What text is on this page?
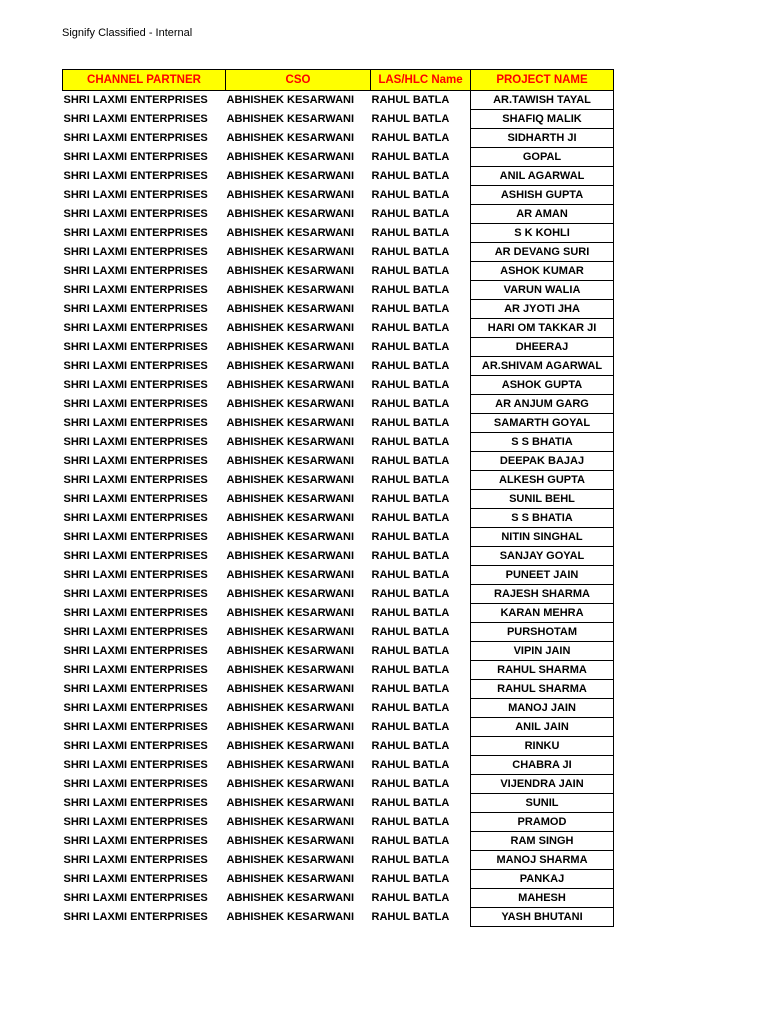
Signify Classified - Internal
CHANNEL PARTNER	CSO	LAS/HLC Name	PROJECT NAME
SHRI LAXMI ENTERPRISES	ABHISHEK KESARWANI	RAHUL BATLA	AR.TAWISH TAYAL
SHRI LAXMI ENTERPRISES	ABHISHEK KESARWANI	RAHUL BATLA	SHAFIQ MALIK
SHRI LAXMI ENTERPRISES	ABHISHEK KESARWANI	RAHUL BATLA	SIDHARTH JI
SHRI LAXMI ENTERPRISES	ABHISHEK KESARWANI	RAHUL BATLA	GOPAL
SHRI LAXMI ENTERPRISES	ABHISHEK KESARWANI	RAHUL BATLA	ANIL AGARWAL
SHRI LAXMI ENTERPRISES	ABHISHEK KESARWANI	RAHUL BATLA	ASHISH GUPTA
SHRI LAXMI ENTERPRISES	ABHISHEK KESARWANI	RAHUL BATLA	AR AMAN
SHRI LAXMI ENTERPRISES	ABHISHEK KESARWANI	RAHUL BATLA	S K KOHLI
SHRI LAXMI ENTERPRISES	ABHISHEK KESARWANI	RAHUL BATLA	AR DEVANG SURI
SHRI LAXMI ENTERPRISES	ABHISHEK KESARWANI	RAHUL BATLA	ASHOK KUMAR
SHRI LAXMI ENTERPRISES	ABHISHEK KESARWANI	RAHUL BATLA	VARUN WALIA
SHRI LAXMI ENTERPRISES	ABHISHEK KESARWANI	RAHUL BATLA	AR JYOTI JHA
SHRI LAXMI ENTERPRISES	ABHISHEK KESARWANI	RAHUL BATLA	HARI OM TAKKAR JI
SHRI LAXMI ENTERPRISES	ABHISHEK KESARWANI	RAHUL BATLA	DHEERAJ
SHRI LAXMI ENTERPRISES	ABHISHEK KESARWANI	RAHUL BATLA	AR.SHIVAM AGARWAL
SHRI LAXMI ENTERPRISES	ABHISHEK KESARWANI	RAHUL BATLA	ASHOK GUPTA
SHRI LAXMI ENTERPRISES	ABHISHEK KESARWANI	RAHUL BATLA	AR ANJUM GARG
SHRI LAXMI ENTERPRISES	ABHISHEK KESARWANI	RAHUL BATLA	SAMARTH GOYAL
SHRI LAXMI ENTERPRISES	ABHISHEK KESARWANI	RAHUL BATLA	S S BHATIA
SHRI LAXMI ENTERPRISES	ABHISHEK KESARWANI	RAHUL BATLA	DEEPAK BAJAJ
SHRI LAXMI ENTERPRISES	ABHISHEK KESARWANI	RAHUL BATLA	ALKESH GUPTA
SHRI LAXMI ENTERPRISES	ABHISHEK KESARWANI	RAHUL BATLA	SUNIL BEHL
SHRI LAXMI ENTERPRISES	ABHISHEK KESARWANI	RAHUL BATLA	S S BHATIA
SHRI LAXMI ENTERPRISES	ABHISHEK KESARWANI	RAHUL BATLA	NITIN SINGHAL
SHRI LAXMI ENTERPRISES	ABHISHEK KESARWANI	RAHUL BATLA	SANJAY GOYAL
SHRI LAXMI ENTERPRISES	ABHISHEK KESARWANI	RAHUL BATLA	PUNEET JAIN
SHRI LAXMI ENTERPRISES	ABHISHEK KESARWANI	RAHUL BATLA	RAJESH SHARMA
SHRI LAXMI ENTERPRISES	ABHISHEK KESARWANI	RAHUL BATLA	KARAN MEHRA
SHRI LAXMI ENTERPRISES	ABHISHEK KESARWANI	RAHUL BATLA	PURSHOTAM
SHRI LAXMI ENTERPRISES	ABHISHEK KESARWANI	RAHUL BATLA	VIPIN JAIN
SHRI LAXMI ENTERPRISES	ABHISHEK KESARWANI	RAHUL BATLA	RAHUL SHARMA
SHRI LAXMI ENTERPRISES	ABHISHEK KESARWANI	RAHUL BATLA	RAHUL SHARMA
SHRI LAXMI ENTERPRISES	ABHISHEK KESARWANI	RAHUL BATLA	MANOJ JAIN
SHRI LAXMI ENTERPRISES	ABHISHEK KESARWANI	RAHUL BATLA	ANIL JAIN
SHRI LAXMI ENTERPRISES	ABHISHEK KESARWANI	RAHUL BATLA	RINKU
SHRI LAXMI ENTERPRISES	ABHISHEK KESARWANI	RAHUL BATLA	CHABRA JI
SHRI LAXMI ENTERPRISES	ABHISHEK KESARWANI	RAHUL BATLA	VIJENDRA JAIN
SHRI LAXMI ENTERPRISES	ABHISHEK KESARWANI	RAHUL BATLA	SUNIL
SHRI LAXMI ENTERPRISES	ABHISHEK KESARWANI	RAHUL BATLA	PRAMOD
SHRI LAXMI ENTERPRISES	ABHISHEK KESARWANI	RAHUL BATLA	RAM SINGH
SHRI LAXMI ENTERPRISES	ABHISHEK KESARWANI	RAHUL BATLA	MANOJ SHARMA
SHRI LAXMI ENTERPRISES	ABHISHEK KESARWANI	RAHUL BATLA	PANKAJ
SHRI LAXMI ENTERPRISES	ABHISHEK KESARWANI	RAHUL BATLA	MAHESH
SHRI LAXMI ENTERPRISES	ABHISHEK KESARWANI	RAHUL BATLA	YASH BHUTANI
